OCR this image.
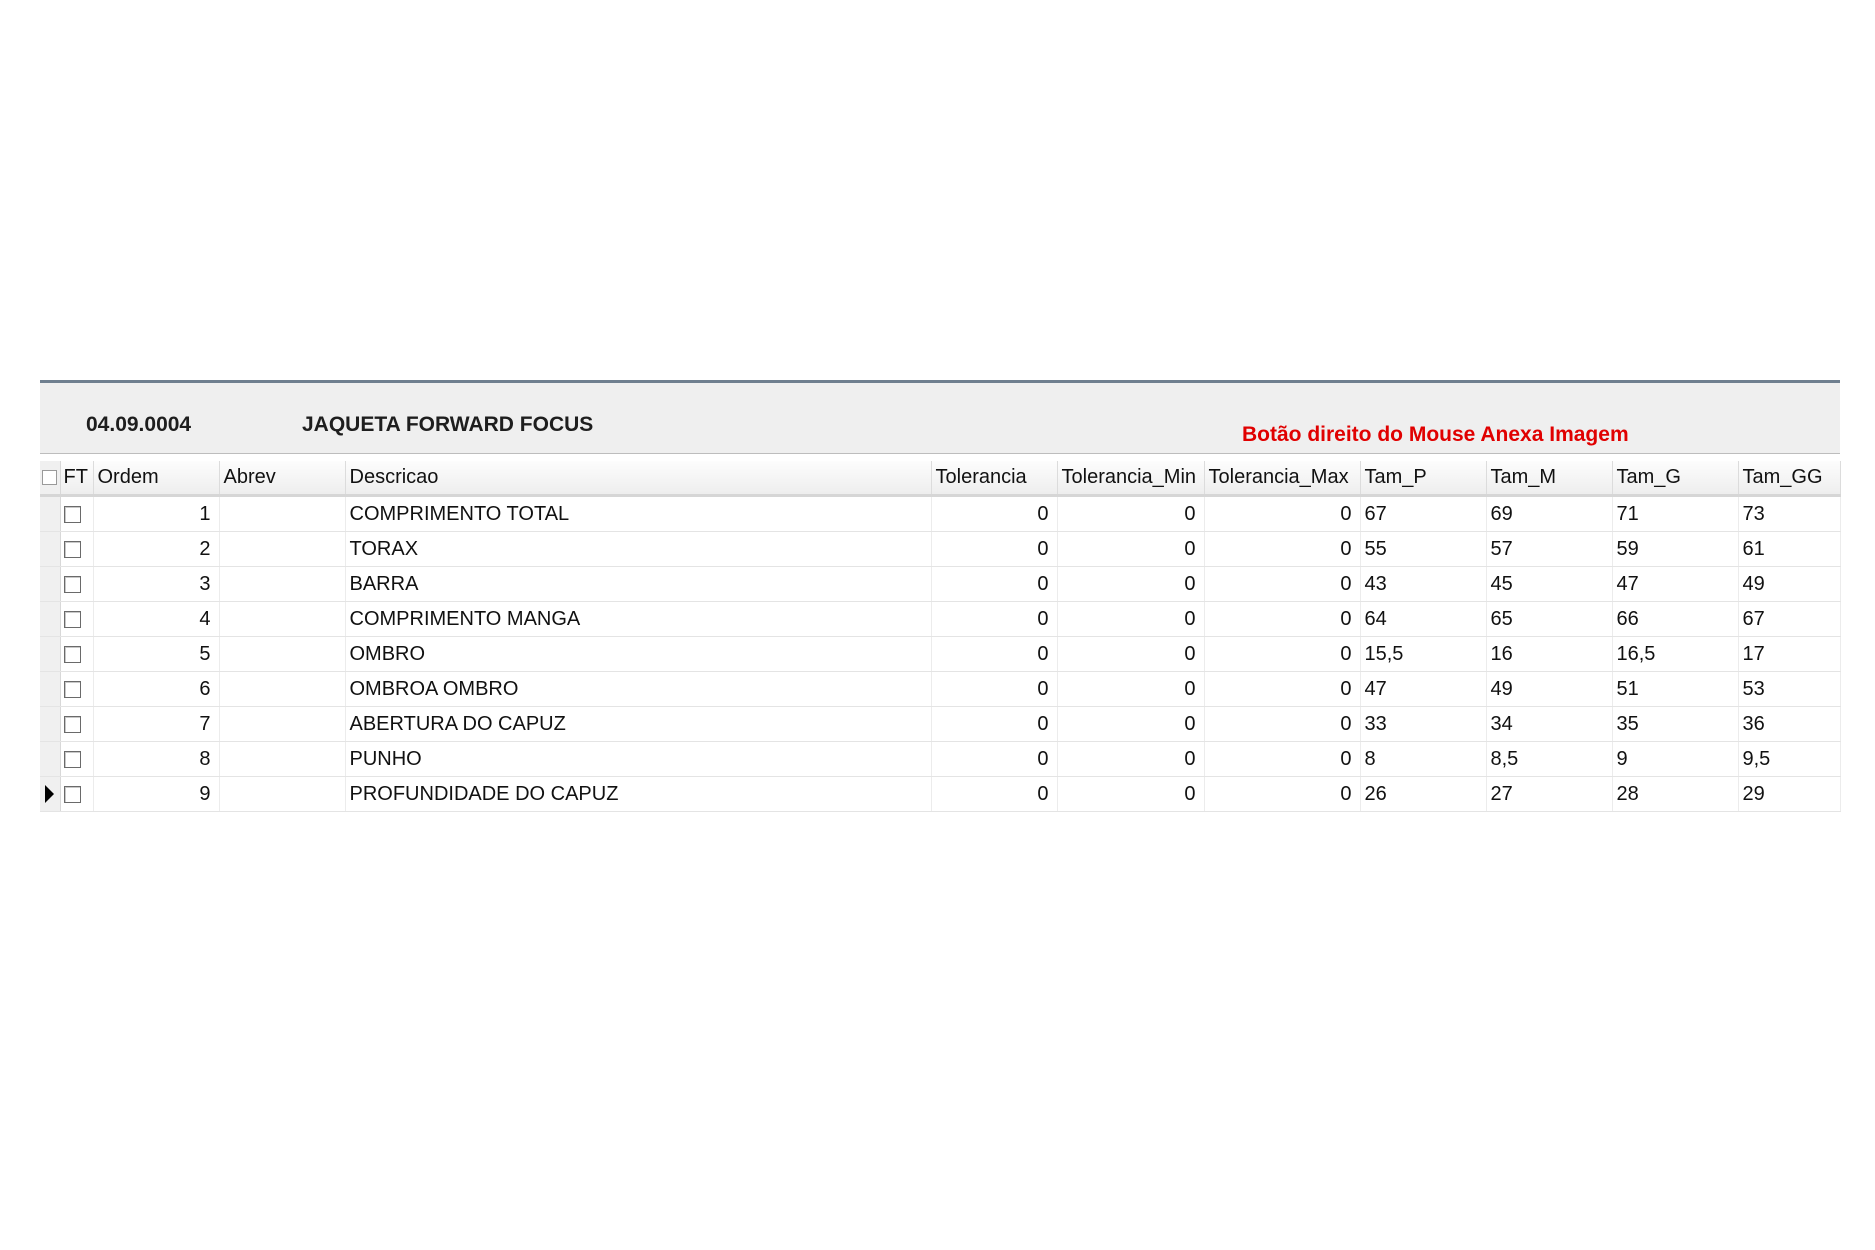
04.09.0004	JAQUETA FORWARD FOCUS	Botão direito do Mouse Anexa Imagem
	FT	Ordem	Abrev	Descricao	Tolerancia	Tolerancia_Min	Tolerancia_Max	Tam_P	Tam_M	Tam_G	Tam_GG
		1		COMPRIMENTO TOTAL	0	0	0	67	69	71	73
		2		TORAX	0	0	0	55	57	59	61
		3		BARRA	0	0	0	43	45	47	49
		4		COMPRIMENTO MANGA	0	0	0	64	65	66	67
		5		OMBRO	0	0	0	15,5	16	16,5	17
		6		OMBROA OMBRO	0	0	0	47	49	51	53
		7		ABERTURA DO CAPUZ	0	0	0	33	34	35	36
		8		PUNHO	0	0	0	8	8,5	9	9,5
		9		PROFUNDIDADE DO CAPUZ	0	0	0	26	27	28	29
